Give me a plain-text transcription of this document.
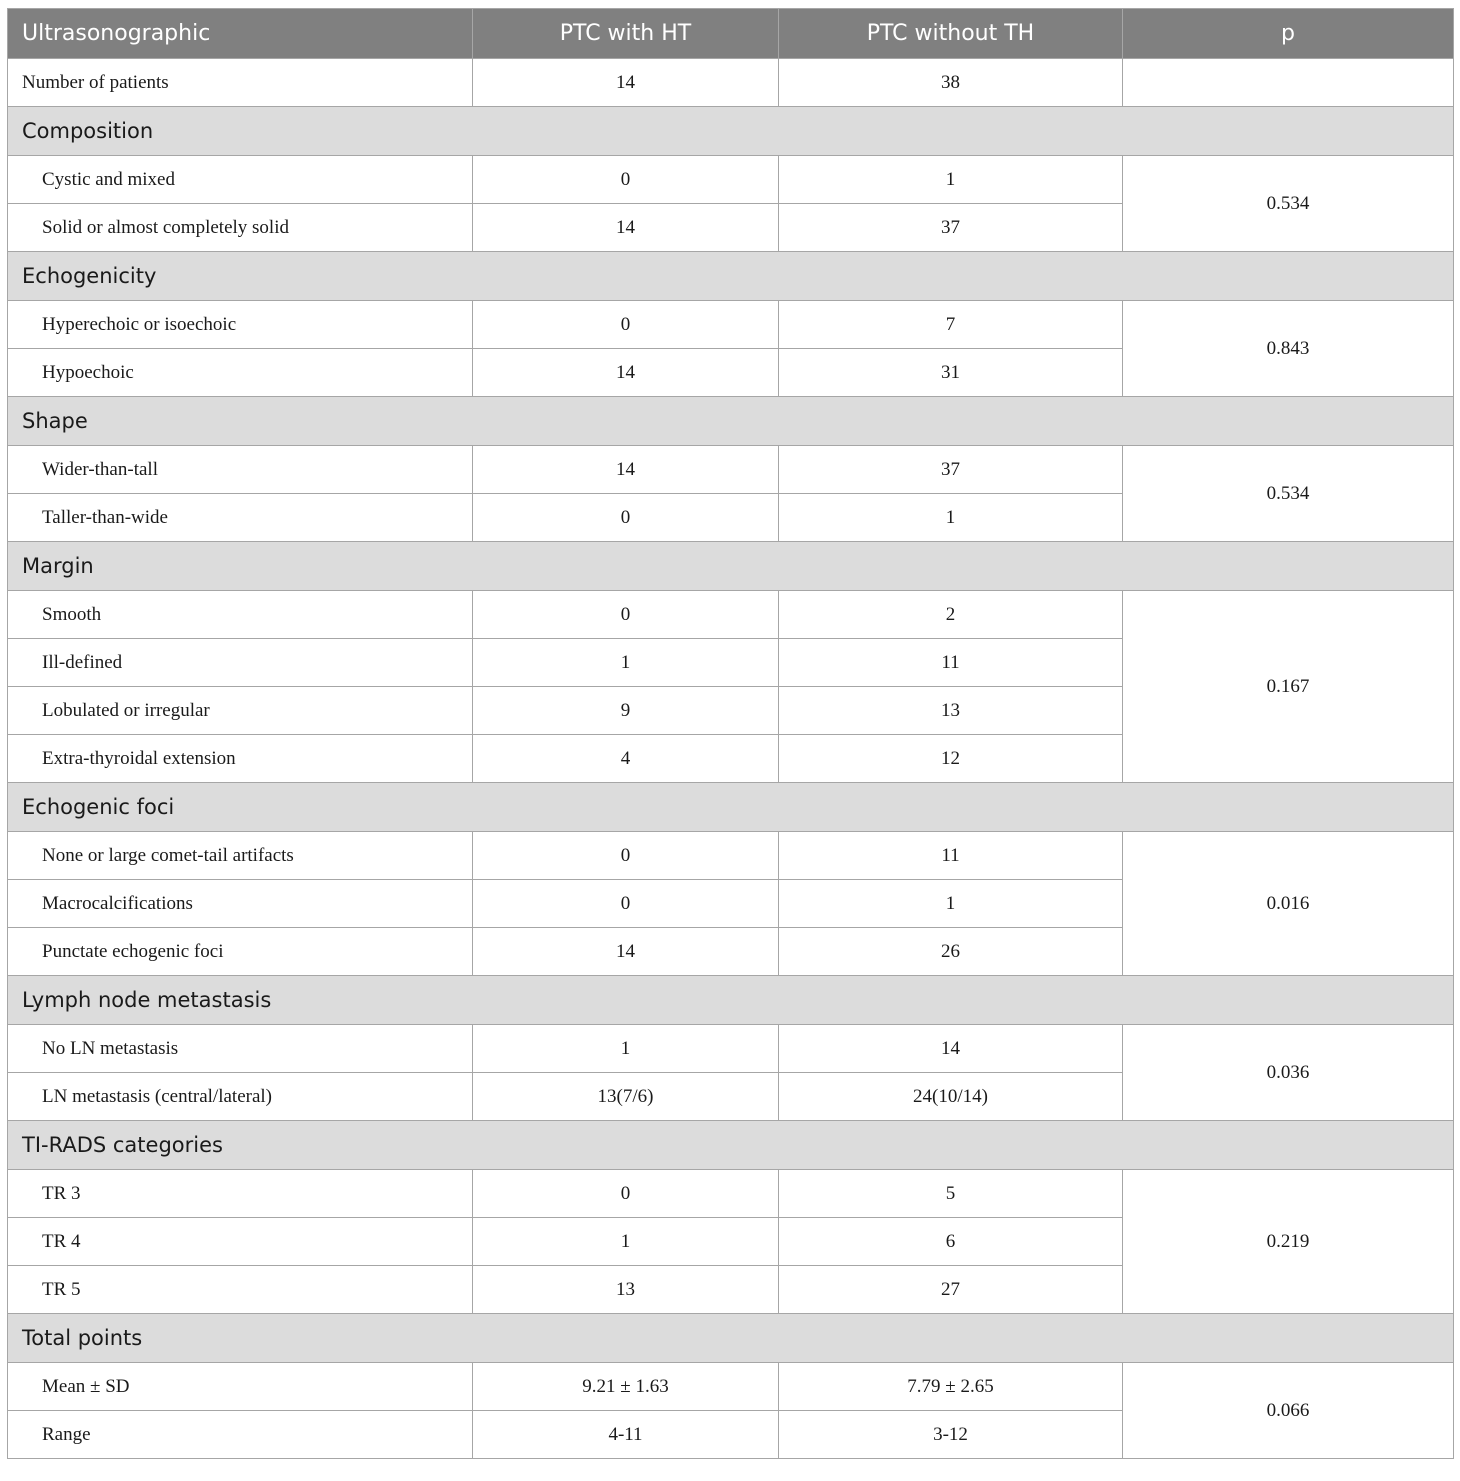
Ultrasonographic	PTC with HT	PTC without TH	p
Number of patients	14	38	
Composition			
Cystic and mixed	0	1	0.534
Solid or almost completely solid	14	37	
Echogenicity			
Hyperechoic or isoechoic	0	7	0.843
Hypoechoic	14	31	
Shape			
Wider-than-tall	14	37	0.534
Taller-than-wide	0	1	
Margin			
Smooth	0	2	0.167
Ill-defined	1	11	
Lobulated or irregular	9	13	
Extra-thyroidal extension	4	12	
Echogenic foci			
None or large comet-tail artifacts	0	11	0.016
Macrocalcifications	0	1	
Punctate echogenic foci	14	26	
Lymph node metastasis			
No LN metastasis	1	14	0.036
LN metastasis (central/lateral)	13(7/6)	24(10/14)	
TI-RADS categories			
TR 3	0	5	0.219
TR 4	1	6	
TR 5	13	27	
Total points			
Mean ± SD	9.21 ± 1.63	7.79 ± 2.65	0.066
Range	4-11	3-12	
